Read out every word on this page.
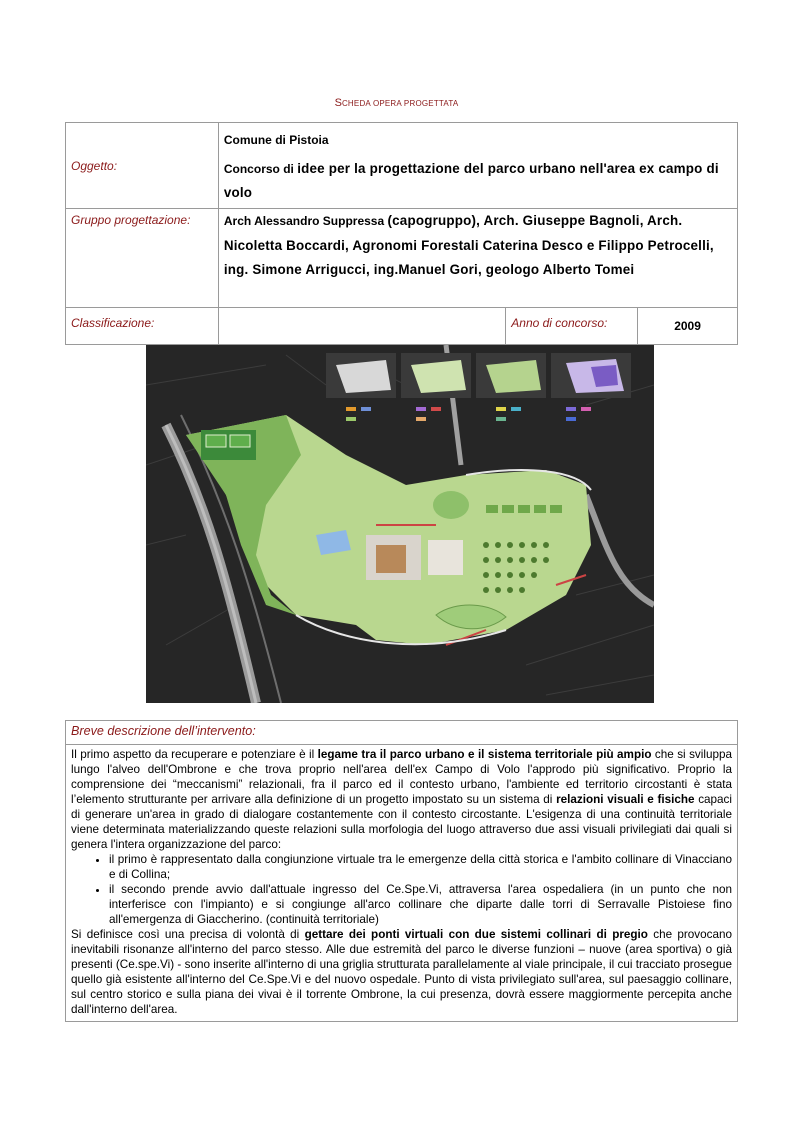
SCHEDA OPERA PROGETTATA
Oggetto:	Comune di Pistoia
Concorso di idee per la progettazione del parco urbano nell'area ex campo di volo		

Gruppo progettazione:	Arch Alessandro Suppressa (capogruppo), Arch. Giuseppe Bagnoli, Arch. Nicoletta Boccardi, Agronomi Forestali Caterina Desco e Filippo Petrocelli, ing. Simone Arrigucci, ing.Manuel Gori, geologo Alberto Tomei		
Classificazione:		Anno di concorso:	2009
Breve descrizione dell’intervento:
Il primo aspetto da recuperare e potenziare è il legame tra il parco urbano e il sistema territoriale più ampio che si sviluppa lungo l'alveo dell'Ombrone e che trova proprio nell'area dell'ex Campo di Volo l'approdo più significativo. Proprio la comprensione dei “meccanismi” relazionali, fra il parco ed il contesto urbano, l'ambiente ed territorio circostanti è stata l’elemento strutturante per arrivare alla definizione di un progetto impostato su un sistema di relazioni visuali e fisiche capaci di generare un'area in grado di dialogare costantemente con il contesto circostante. L'esigenza di una continuità territoriale viene determinata materializzando queste relazioni sulla morfologia del luogo attraverso due assi visuali privilegiati dai quali si genera l'intera organizzazione del parco:
• il primo è rappresentato dalla congiunzione virtuale tra le emergenze della città storica e l'ambito collinare di Vinacciano e di Collina;
• il secondo prende avvio dall'attuale ingresso del Ce.Spe.Vi, attraversa l'area ospedaliera (in un punto che non interferisce con l'impianto) e si congiunge all'arco collinare che diparte dalle torri di Serravalle Pistoiese fino all'emergenza di Giaccherino. (continuità territoriale)
Si definisce così una precisa di volontà di gettare dei ponti virtuali con due sistemi collinari di pregio che provocano inevitabili risonanze all'interno del parco stesso. Alle due estremità del parco le diverse funzioni – nuove (area sportiva) o già presenti (Ce.spe.Vi) - sono inserite all'interno di una griglia strutturata parallelamente al viale principale, il cui tracciato prosegue quello già esistente all'interno del Ce.Spe.Vi e del nuovo ospedale. Punto di vista privilegiato sull'area, sul paesaggio collinare, sul centro storico e sulla piana dei vivai è il torrente Ombrone, la cui presenza, dovrà essere maggiormente percepita anche dall'interno dell'area.
